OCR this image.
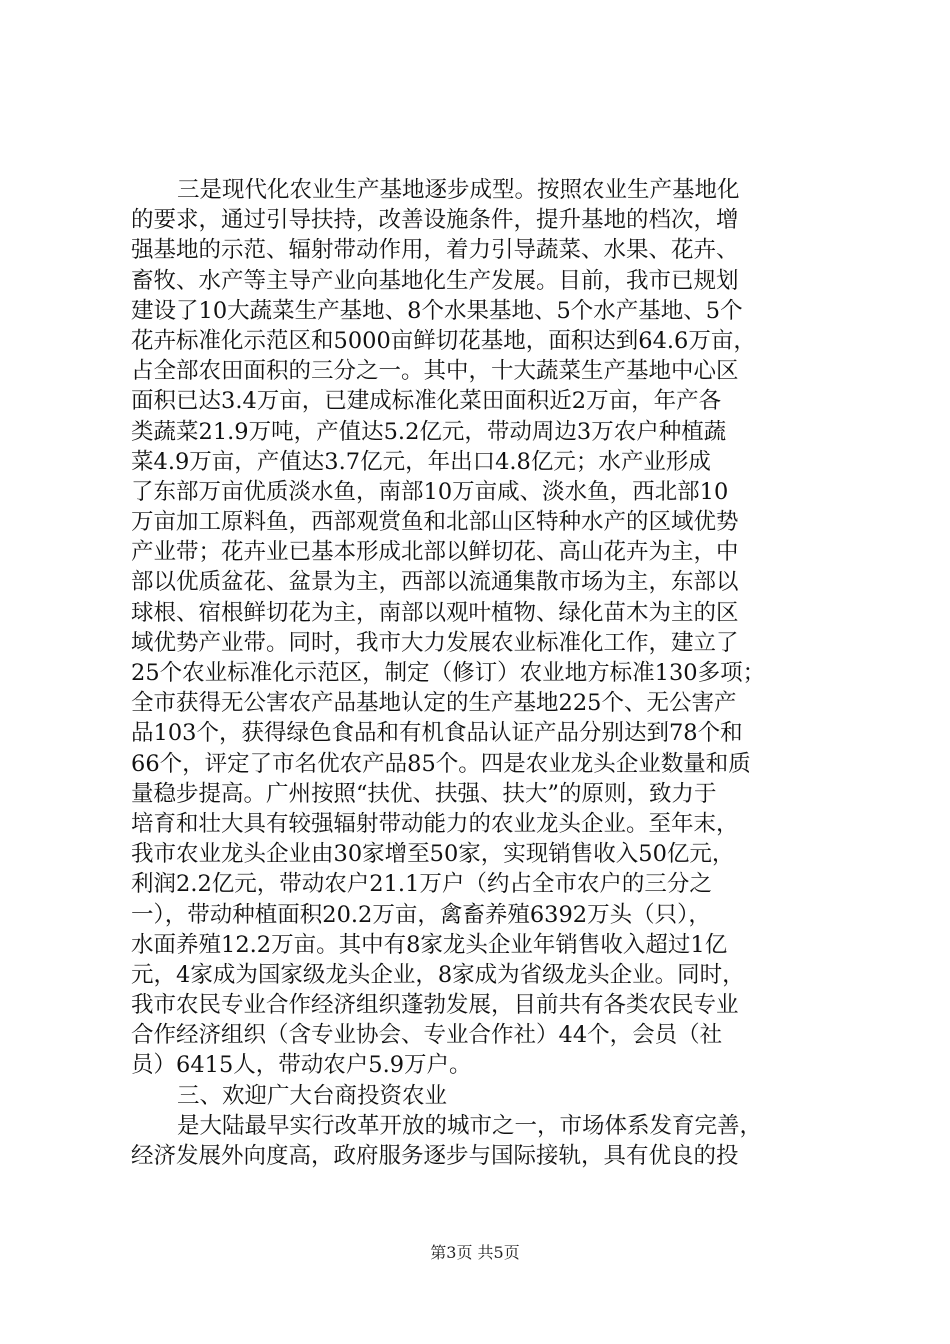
三是现代化农业生产基地逐步成型。按照农业生产基地化
的要求，通过引导扶持，改善设施条件，提升基地的档次，增
强基地的示范、辐射带动作用，着力引导蔬菜、水果、花卉、
畜牧、水产等主导产业向基地化生产发展。目前，我市已规划
建设了10大蔬菜生产基地、8个水果基地、5个水产基地、5个
花卉标准化示范区和5000亩鲜切花基地，面积达到64.6万亩，
占全部农田面积的三分之一。其中，十大蔬菜生产基地中心区
面积已达3.4万亩，已建成标准化菜田面积近2万亩，年产各
类蔬菜21.9万吨，产值达5.2亿元，带动周边3万农户种植蔬
菜4.9万亩，产值达3.7亿元，年出口4.8亿元；水产业形成
了东部万亩优质淡水鱼，南部10万亩咸、淡水鱼，西北部10
万亩加工原料鱼，西部观赏鱼和北部山区特种水产的区域优势
产业带；花卉业已基本形成北部以鲜切花、高山花卉为主，中
部以优质盆花、盆景为主，西部以流通集散市场为主，东部以
球根、宿根鲜切花为主，南部以观叶植物、绿化苗木为主的区
域优势产业带。同时，我市大力发展农业标准化工作，建立了
25个农业标准化示范区，制定（修订）农业地方标准130多项；
全市获得无公害农产品基地认定的生产基地225个、无公害产
品103个，获得绿色食品和有机食品认证产品分别达到78个和
66个，评定了市名优农产品85个。四是农业龙头企业数量和质
量稳步提高。广州按照“扶优、扶强、扶大”的原则，致力于
培育和壮大具有较强辐射带动能力的农业龙头企业。至年末，
我市农业龙头企业由30家增至50家，实现销售收入50亿元，
利润2.2亿元，带动农户21.1万户（约占全市农户的三分之
一），带动种植面积20.2万亩，禽畜养殖6392万头（只），
水面养殖12.2万亩。其中有8家龙头企业年销售收入超过1亿
元，4家成为国家级龙头企业，8家成为省级龙头企业。同时，
我市农民专业合作经济组织蓬勃发展，目前共有各类农民专业
合作经济组织（含专业协会、专业合作社）44个，会员（社
员）6415人，带动农户5.9万户。
三、欢迎广大台商投资农业
是大陆最早实行改革开放的城市之一，市场体系发育完善，
经济发展外向度高，政府服务逐步与国际接轨，具有优良的投
第3页 共5页
